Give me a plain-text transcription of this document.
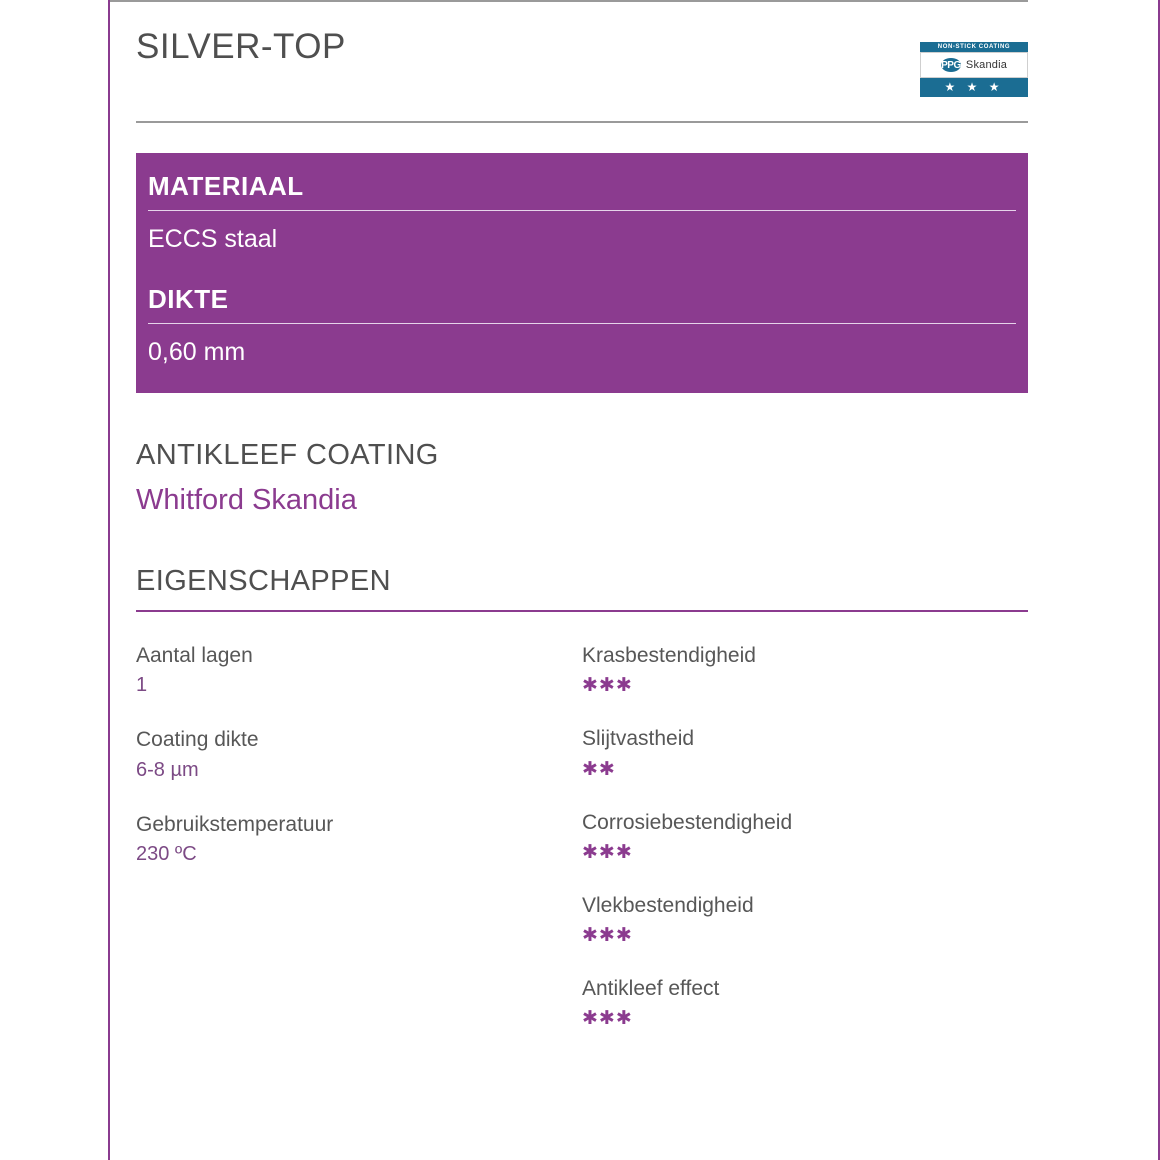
SILVER-TOP	NON-STICK COATING
PPG Skandia
★ ★ ★
MATERIAAL
ECCS staal
DIKTE
0,60 mm
ANTIKLEEF COATING
Whitford Skandia
EIGENSCHAPPEN
Aantal lagen
1
Coating dikte
6-8 µm
Gebruikstemperatuur
230 ºC
Krasbestendigheid
✱✱✱
Slijtvastheid
✱✱
Corrosiebestendigheid
✱✱✱
Vlekbestendigheid
✱✱✱
Antikleef effect
✱✱✱
